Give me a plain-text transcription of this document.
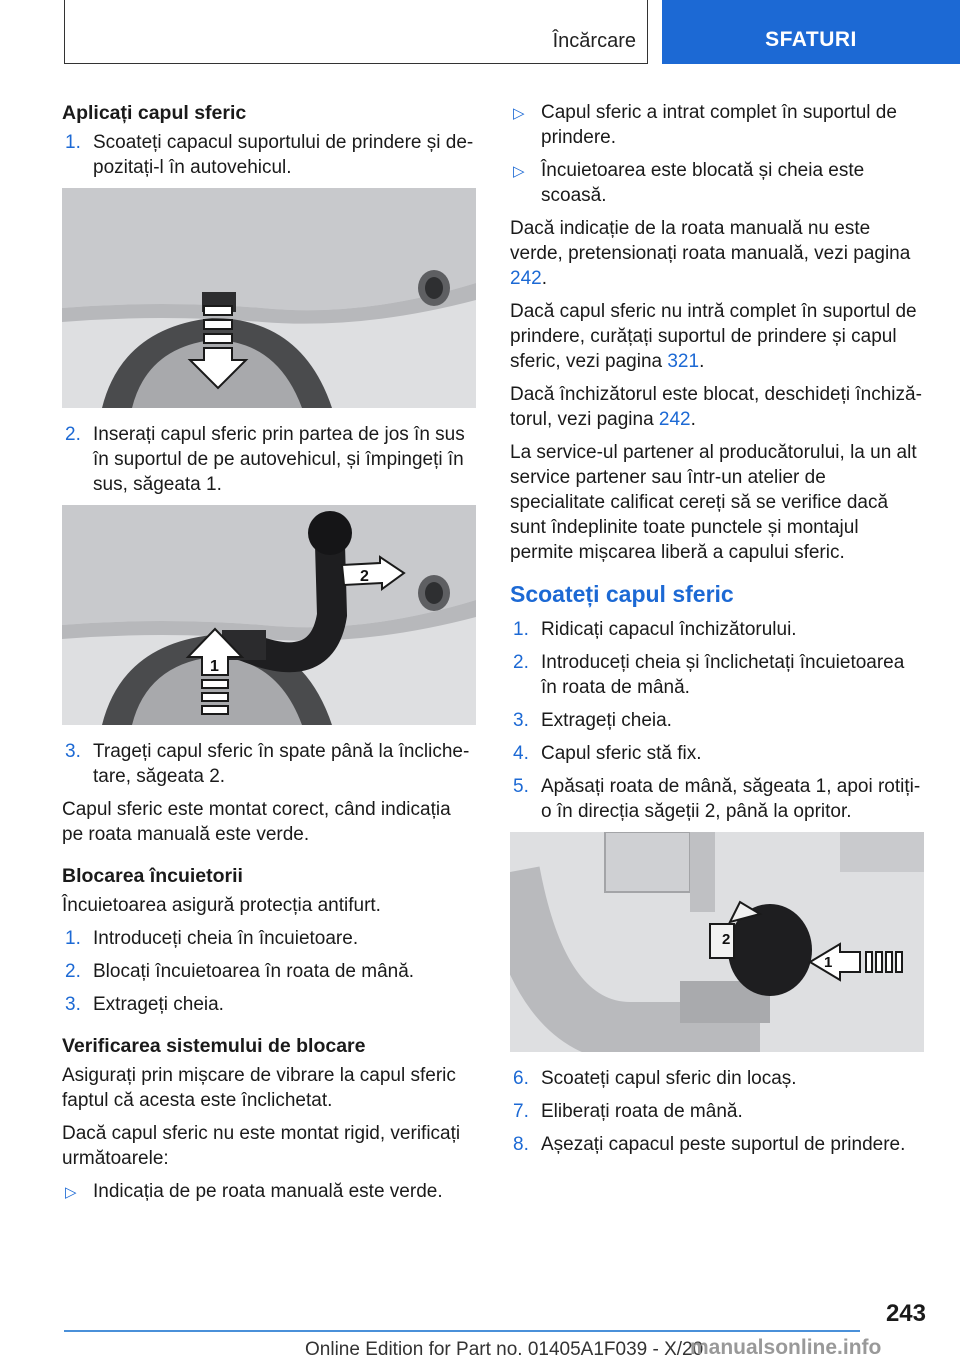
Încărcare	SFATURI
Aplicați capul sferic
1. Scoateți capacul suportului de prindere și depozitați-l în autovehicul.
2. Inserați capul sferic prin partea de jos în sus în suportul de pe autovehicul, și împingeți în sus, săgeata 1.
2
1
3. Trageți capul sferic în spate până la înclichetare, săgeata 2.

Capul sferic este montat corect, când indicația pe roata manuală este verde.

Blocarea încuietorii

Încuietoarea asigură protecția antifurt.

1. Introduceți cheia în încuietoare.
2. Blocați încuietoarea în roata de mână.
3. Extrageți cheia.
Verificarea sistemului de blocare

Asigurați prin mișcare de vibrare la capul sferic faptul că acesta este înclichetat.

Dacă capul sferic nu este montat rigid, verificați următoarele:

▷ Indicația de pe roata manuală este verde.
▷ Capul sferic a intrat complet în suportul de prindere.
▷ Încuietoarea este blocată și cheia este scoasă.

Dacă indicație de la roata manuală nu este verde, pretensionați roata manuală, vezi pagina 242.

Dacă capul sferic nu intră complet în suportul de prindere, curățați suportul de prindere și capul sferic, vezi pagina 321.

Dacă închizătorul este blocat, deschideți închizătorul, vezi pagina 242.

La service-ul partener al producătorului, la un alt service partener sau într-un atelier de specialitate calificat cereți să se verifice dacă sunt îndeplinite toate punctele și montajul permite mișcarea liberă a capului sferic.

Scoateți capul sferic
1. Ridicați capacul închizătorului.
2. Introduceți cheia și înclichetați încuietoarea în roata de mână.
3. Extrageți cheia.
4. Capul sferic stă fix.
5. Apăsați roata de mână, săgeata 1, apoi rotiți-o în direcția săgeții 2, până la opritor.
2
1
6. Scoateți capul sferic din locaș.
7. Eliberați roata de mână.
8. Așezați capacul peste suportul de prindere.
243
Online Edition for Part no. 01405A1F039 - X/20
manualsonline.info
